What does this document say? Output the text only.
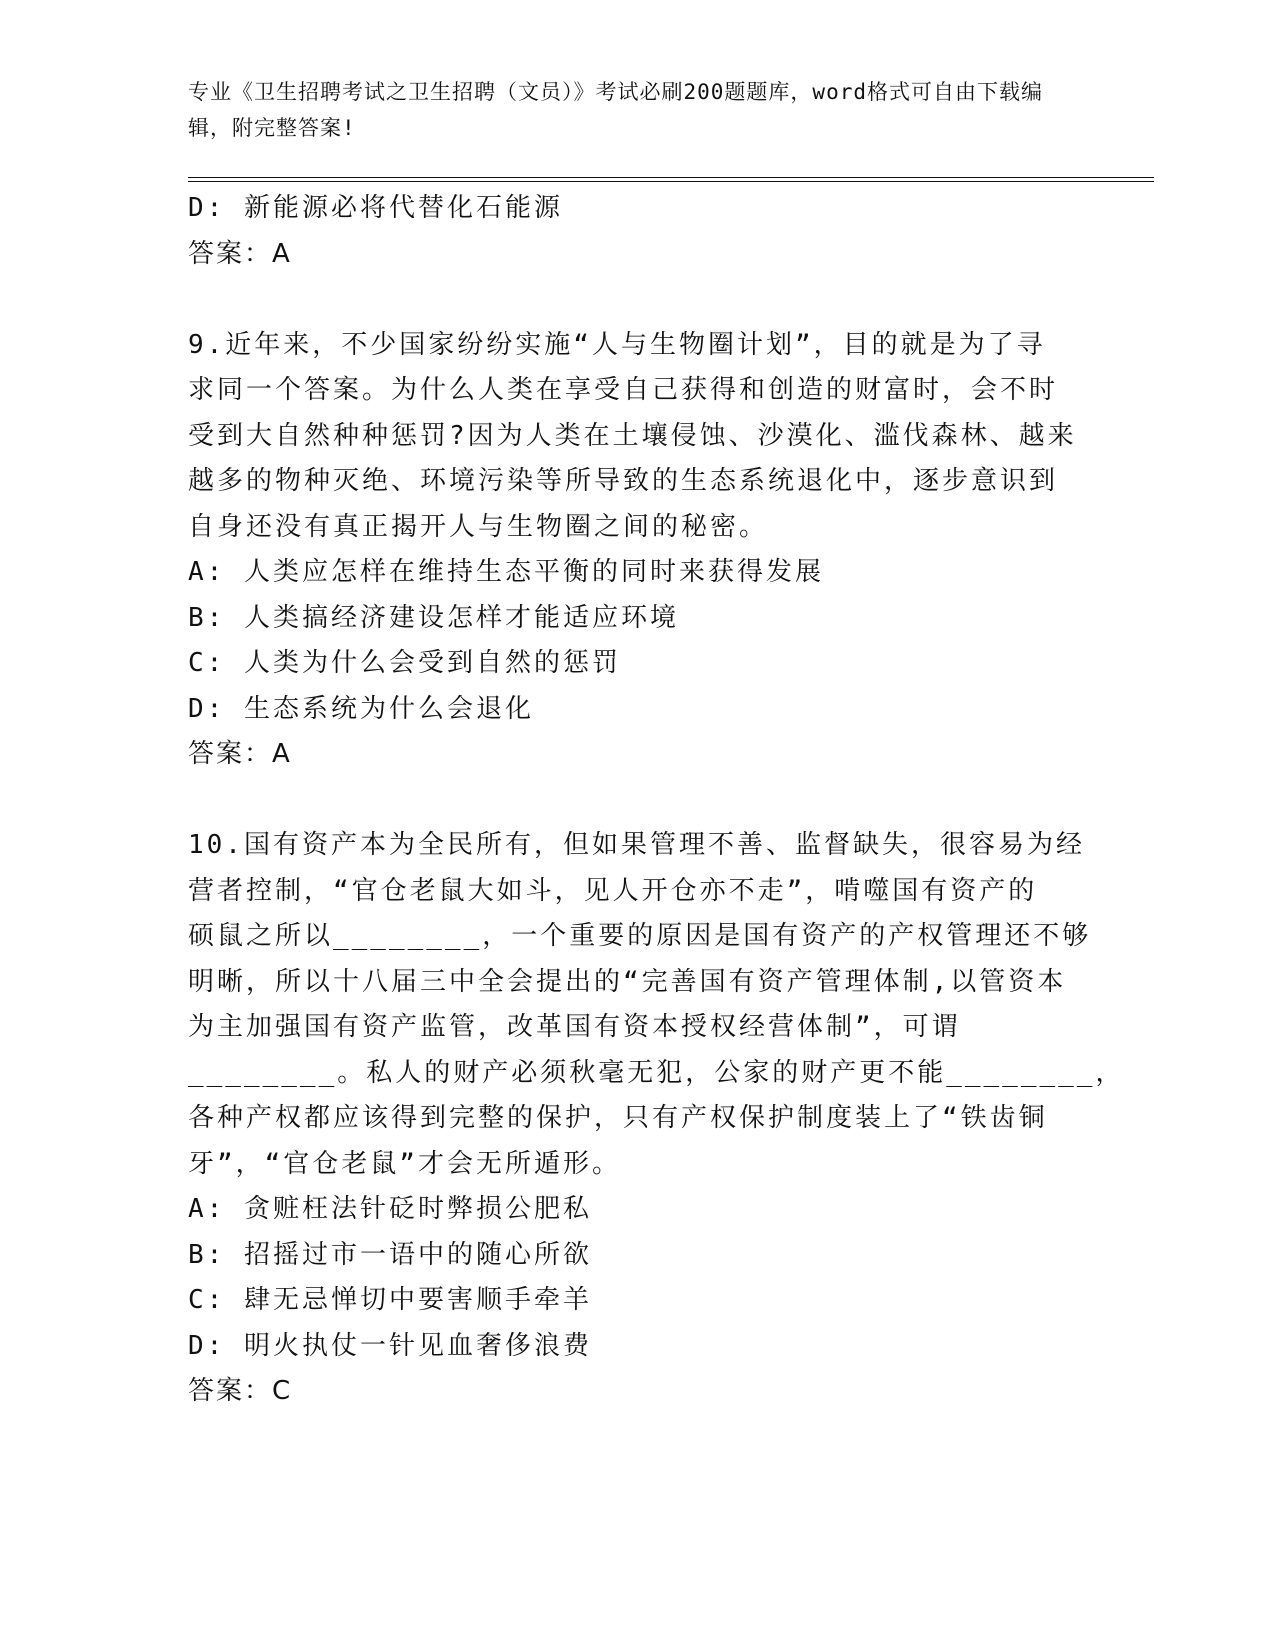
专业《卫生招聘考试之卫生招聘（文员）》考试必刷200题题库，word格式可自由下载编辑，附完整答案!
D: 新能源必将代替化石能源
答案：A
9.近年来，不少国家纷纷实施“人与生物圈计划”，目的就是为了寻
求同一个答案。为什么人类在享受自己获得和创造的财富时，会不时
受到大自然种种惩罚?因为人类在土壤侵蚀、沙漠化、滥伐森林、越来
越多的物种灭绝、环境污染等所导致的生态系统退化中，逐步意识到
自身还没有真正揭开人与生物圈之间的秘密。
A: 人类应怎样在维持生态平衡的同时来获得发展
B: 人类搞经济建设怎样才能适应环境
C: 人类为什么会受到自然的惩罚
D: 生态系统为什么会退化
答案：A
10.国有资产本为全民所有，但如果管理不善、监督缺失，很容易为经
营者控制，“官仓老鼠大如斗，见人开仓亦不走”，啃噬国有资产的
硕鼠之所以________，一个重要的原因是国有资产的产权管理还不够
明晰，所以十八届三中全会提出的“完善国有资产管理体制,以管资本
为主加强国有资产监管，改革国有资本授权经营体制”，可谓
________。私人的财产必须秋毫无犯，公家的财产更不能________，
各种产权都应该得到完整的保护，只有产权保护制度装上了“铁齿铜
牙”，“官仓老鼠”才会无所遁形。
A: 贪赃枉法针砭时弊损公肥私
B: 招摇过市一语中的随心所欲
C: 肆无忌惮切中要害顺手牵羊
D: 明火执仗一针见血奢侈浪费
答案：C
